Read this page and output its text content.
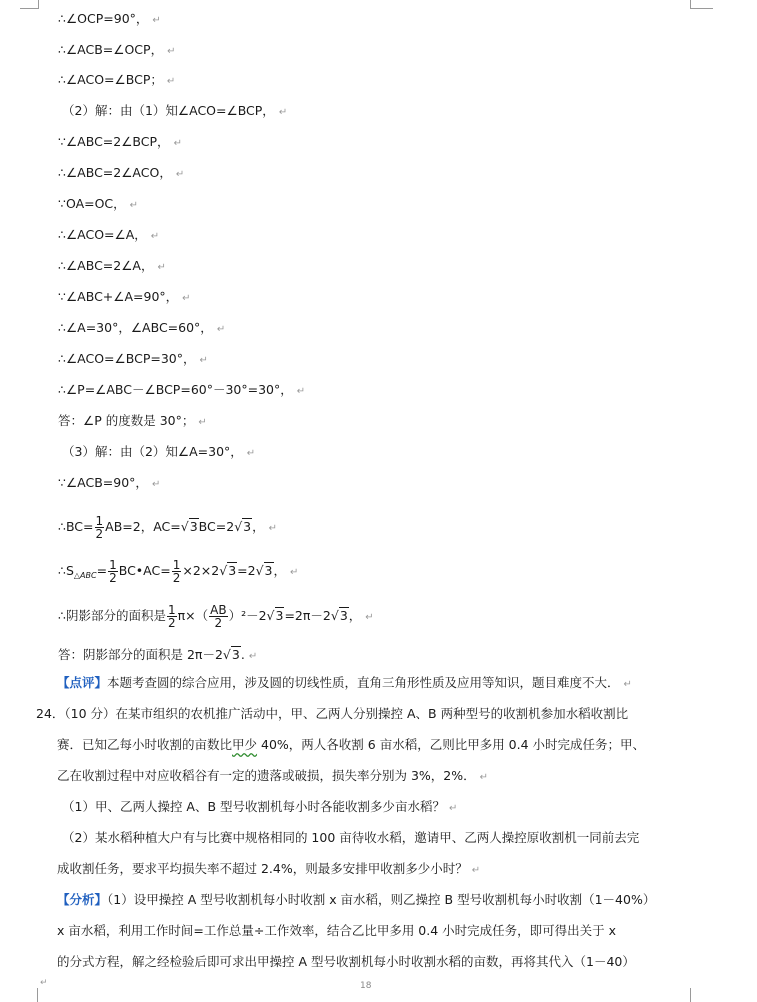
∴∠OCP=90°， ↵
∴∠ACB=∠OCP， ↵
∴∠ACO=∠BCP； ↵
（2）解：由（1）知∠ACO=∠BCP， ↵
∵∠ABC=2∠BCP， ↵
∴∠ABC=2∠ACO， ↵
∵OA=OC， ↵
∴∠ACO=∠A， ↵
∴∠ABC=2∠A， ↵
∵∠ABC+∠A=90°， ↵
∴∠A=30°，∠ABC=60°， ↵
∴∠ACO=∠BCP=30°， ↵
∴∠P=∠ABC－∠BCP=60°－30°=30°， ↵
答：∠P 的度数是 30°； ↵
（3）解：由（2）知∠A=30°， ↵
∵∠ACB=90°， ↵
∴BC= $\frac{1}{2} AB=2$，AC=√3BC=2√3， ↵
$\therefore S_{\triangle ABC}= \frac{1}{2}$ BC•AC= $\frac{1}{2} \times 2\times 2√3=2√3$， ↵
∴阴影部分的面积是 $\frac{1}{2} \pi\times( \frac{AB}{2} )^2-2√3=2\pi-2√3$， ↵
答：阴影部分的面积是 2π－2√3. ↵
【点评】本题考查圆的综合应用，涉及圆的切线性质，直角三角形性质及应用等知识，题目难度不大． ↵
24．（10 分）在某市组织的农机推广活动中，甲、乙两人分别操控 A、B 两种型号的收割机参加水稻收割比
赛．已知乙每小时收割的亩数比甲少 40%，两人各收割 6 亩水稻，乙则比甲多用 0.4 小时完成任务；甲、
乙在收割过程中对应收稻谷有一定的遗落或破损，损失率分别为 3%，2%． ↵
（1）甲、乙两人操控 A、B 型号收割机每小时各能收割多少亩水稻？ ↵
（2）某水稻种植大户有与比赛中规格相同的 100 亩待收水稻，邀请甲、乙两人操控原收割机一同前去完
成收割任务，要求平均损失率不超过 2.4%，则最多安排甲收割多少小时？ ↵
【分析】（1）设甲操控 A 型号收割机每小时收割 x 亩水稻，则乙操控 B 型号收割机每小时收割（1－40%）
x 亩水稻，利用工作时间=工作总量÷工作效率，结合乙比甲多用 0.4 小时完成任务，即可得出关于 x
的分式方程，解之经检验后即可求出甲操控 A 型号收割机每小时收割水稻的亩数，再将其代入（1－40）
↵	18
